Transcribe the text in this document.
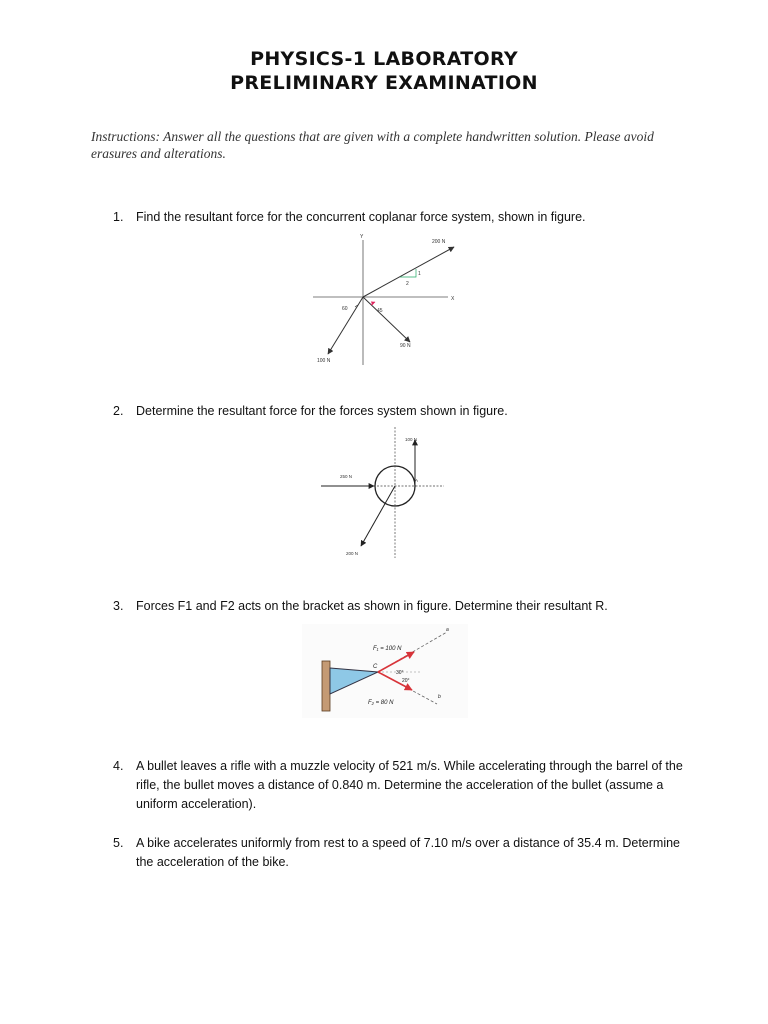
PHYSICS-1 LABORATORY
PRELIMINARY EXAMINATION
Instructions: Answer all the questions that are given with a complete handwritten solution. Please avoid erasures and alterations.
1. Find the resultant force for the concurrent coplanar force system, shown in figure.
Y
X
200 N
1
2
90 N
100 N
60	45
2. Determine the resultant force for the forces system shown in figure.
100 N
250 N
200 N
A
3. Forces F1 and F2 acts on the bracket as shown in figure. Determine their resultant R.
F₁ = 100 N
F₂ = 80 N
C
30°
20°
a
b
4. A bullet leaves a rifle with a muzzle velocity of 521 m/s. While accelerating through the barrel of the rifle, the bullet moves a distance of 0.840 m. Determine the acceleration of the bullet (assume a uniform acceleration).
5. A bike accelerates uniformly from rest to a speed of 7.10 m/s over a distance of 35.4 m. Determine the acceleration of the bike.
